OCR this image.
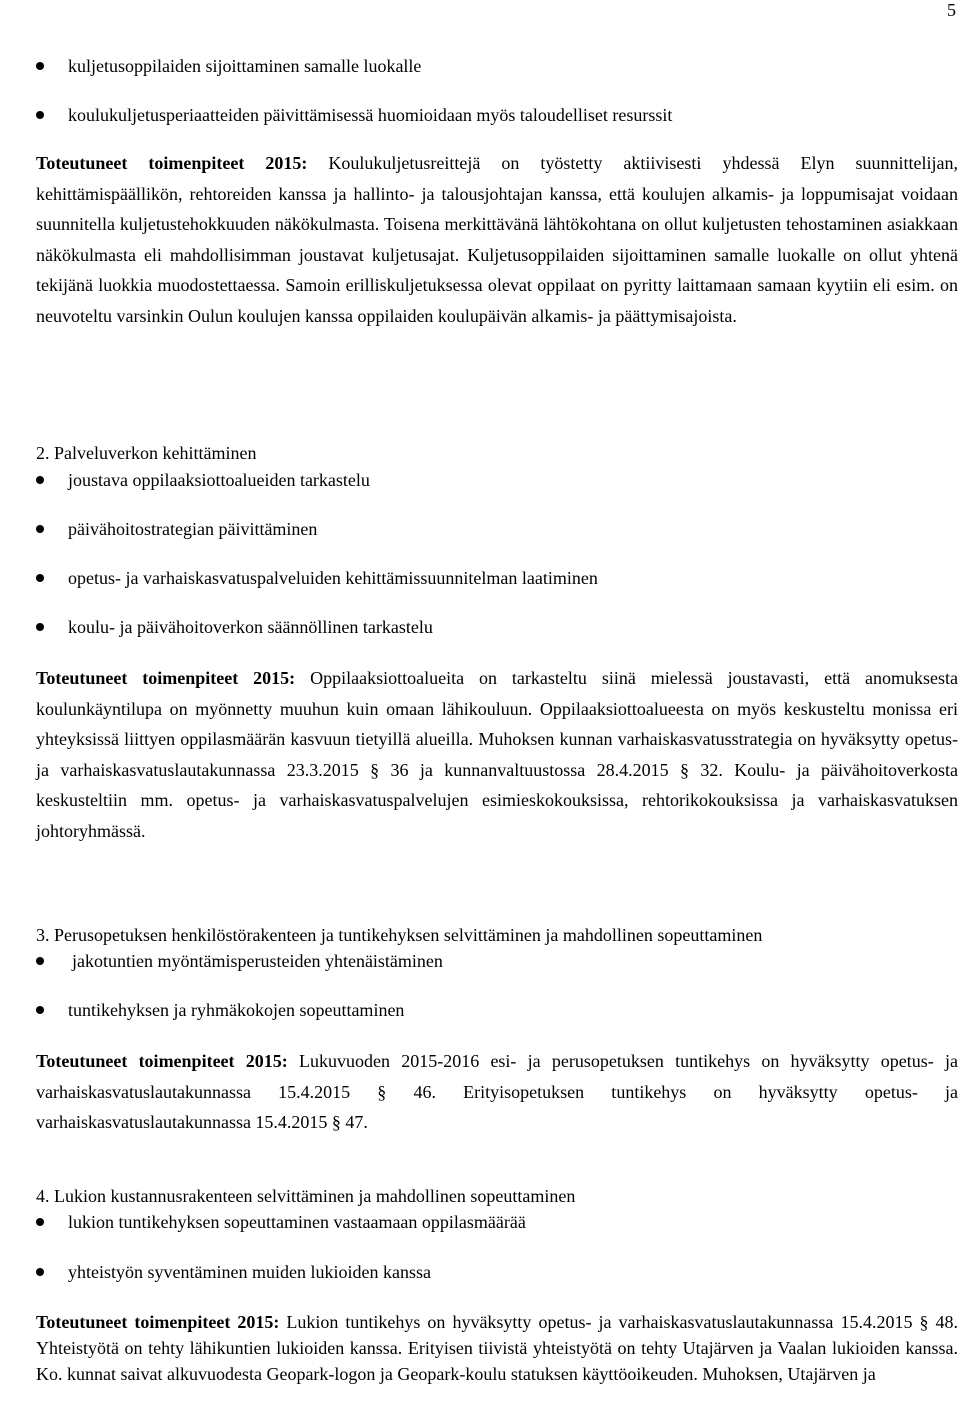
5
kuljetusoppilaiden sijoittaminen samalle luokalle
koulukuljetusperiaatteiden päivittämisessä huomioidaan myös taloudelliset resurssit
Toteutuneet toimenpiteet 2015: Koulukuljetusreittejä on työstetty aktiivisesti yhdessä Elyn suunnittelijan, kehittämispäällikön, rehtoreiden kanssa ja hallinto- ja talousjohtajan kanssa, että koulujen alkamis- ja loppumisajat voidaan suunnitella kuljetustehokkuuden näkökulmasta. Toisena merkittävänä lähtökohtana on ollut kuljetusten tehostaminen asiakkaan näkökulmasta eli mahdollisimman joustavat kuljetusajat. Kuljetusoppilaiden sijoittaminen samalle luokalle on ollut yhtenä tekijänä luokkia muodostettaessa. Samoin erilliskuljetuksessa olevat oppilaat on pyritty laittamaan samaan kyytiin eli esim. on neuvoteltu varsinkin Oulun koulujen kanssa oppilaiden koulupäivän alkamis- ja päättymisajoista.
2. Palveluverkon kehittäminen
joustava oppilaaksiottoalueiden tarkastelu
päivähoitostrategian päivittäminen
opetus- ja varhaiskasvatuspalveluiden kehittämissuunnitelman laatiminen
koulu- ja päivähoitoverkon säännöllinen tarkastelu
Toteutuneet toimenpiteet 2015: Oppilaaksiottoalueita on tarkasteltu siinä mielessä joustavasti, että anomuksesta koulunkäyntilupa on myönnetty muuhun kuin omaan lähikouluun. Oppilaaksiottoalueesta on myös keskusteltu monissa eri yhteyksissä liittyen oppilasmäärän kasvuun tietyillä alueilla. Muhoksen kunnan varhaiskasvatusstrategia on hyväksytty opetus- ja varhaiskasvatuslautakunnassa 23.3.2015 § 36 ja kunnanvaltuustossa 28.4.2015 § 32. Koulu- ja päivähoitoverkosta keskusteltiin mm. opetus- ja varhaiskasvatuspalvelujen esimieskokouksissa, rehtorikokouksissa ja varhaiskasvatuksen johtoryhmässä.
3. Perusopetuksen henkilöstörakenteen ja tuntikehyksen selvittäminen ja mahdollinen sopeuttaminen
jakotuntien myöntämisperusteiden yhtenäistäminen
tuntikehyksen ja ryhmäkokojen sopeuttaminen
Toteutuneet toimenpiteet 2015: Lukuvuoden 2015-2016 esi- ja perusopetuksen tuntikehys on hyväksytty opetus- ja varhaiskasvatuslautakunnassa 15.4.2015 § 46. Erityisopetuksen tuntikehys on hyväksytty opetus- ja varhaiskasvatuslautakunnassa 15.4.2015 § 47.
4. Lukion kustannusrakenteen selvittäminen ja mahdollinen sopeuttaminen
lukion tuntikehyksen sopeuttaminen vastaamaan oppilasmäärää
yhteistyön syventäminen muiden lukioiden kanssa
Toteutuneet toimenpiteet 2015: Lukion tuntikehys on hyväksytty opetus- ja varhaiskasvatuslautakunnassa 15.4.2015 § 48. Yhteistyötä on tehty lähikuntien lukioiden kanssa. Erityisen tiivistä yhteistyötä on tehty Utajärven ja Vaalan lukioiden kanssa. Ko. kunnat saivat alkuvuodesta Geopark-logon ja Geopark-koulu statuksen käyttöoikeuden. Muhoksen, Utajärven ja
